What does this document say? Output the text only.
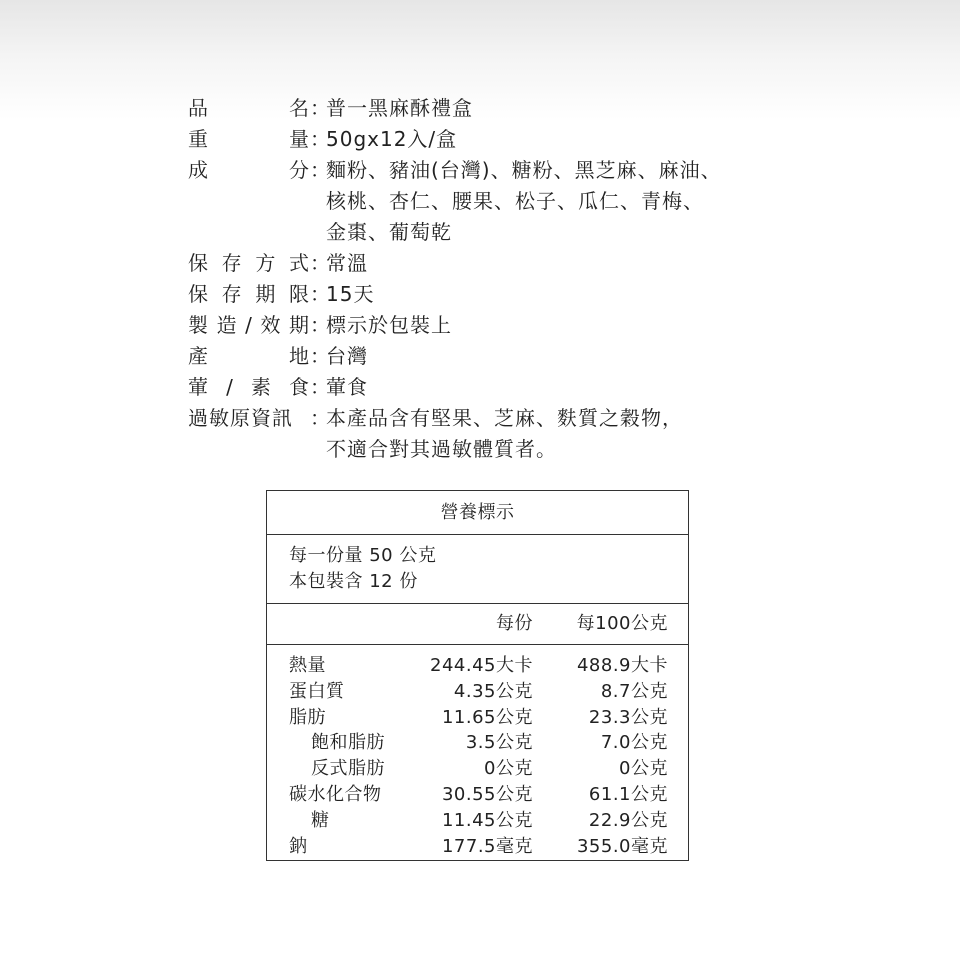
品	名 ：
普一黑麻酥禮盒
重	量 ：
50gx12入/盒
成	分 ：
麵粉、豬油(台灣)、糖粉、黑芝麻、麻油、
核桃、杏仁、腰果、松子、瓜仁、青梅、
金棗、葡萄乾
保 存 方 式 ：
常溫
保 存 期 限 ：
15天
製 造 / 效 期 ：
標示於包裝上
產	地 ：
台灣
葷 / 素 食 ：
葷食
過敏原資訊 ：
本產品含有堅果、芝麻、麩質之穀物，
不適合對其過敏體質者。
營養標示
每一份量 50 公克
本包裝含 12 份
每份 每100公克
熱量	244.45大卡 488.9大卡
蛋白質	4.35公克	8.7公克
脂肪	11.65公克	23.3公克
飽和脂肪	3.5公克	7.0公克
反式脂肪	0公克	0公克
碳水化合物	30.55公克	61.1公克
糖	11.45公克	22.9公克
鈉	177.5毫克 355.0毫克
